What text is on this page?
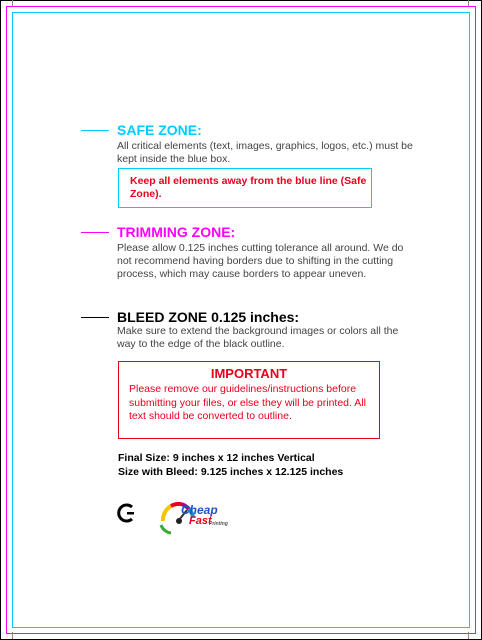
SAFE ZONE:
All critical elements (text, images, graphics, logos, etc.) must be kept inside the blue box.
Keep all elements away from the blue line (Safe Zone).
TRIMMING ZONE:
Please allow 0.125 inches cutting tolerance all around. We do not recommend having borders due to shifting in the cutting process, which may cause borders to appear uneven.
BLEED ZONE 0.125 inches:
Make sure to extend the background images or colors all the way to the edge of the black outline.
IMPORTANT
Please remove our guidelines/instructions before submitting your files, or else they will be printed. All text should be converted to outline.
Final Size: 9 inches x 12 inches Vertical
Size with Bleed: 9.125 inches x 12.125 inches
Cheap
Fast
Printing
